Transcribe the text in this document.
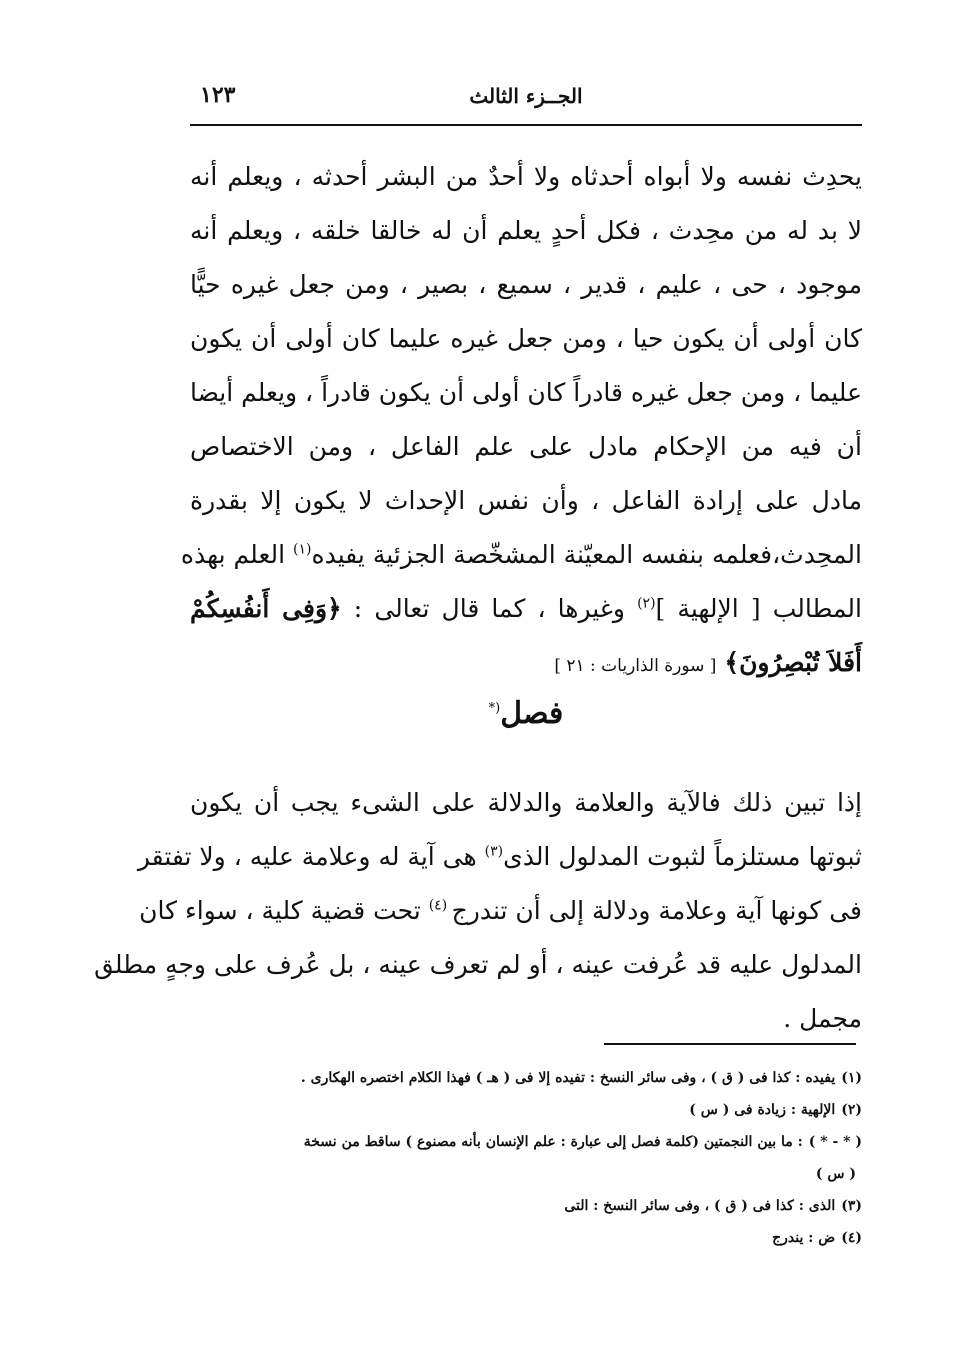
١٢٣	الجــزء الثالث
يحدِث نفسه ولا أبواه أحدثاه ولا أحدٌ من البشر أحدثه ، ويعلم أنه
لا بد له من محِدث ، فكل أحدٍ يعلم أن له خالقا خلقه ، ويعلم أنه
موجود ، حى ، عليم ، قدير ، سميع ، بصير ، ومن جعل غيره حيًّا
كان أولى أن يكون حيا ، ومن جعل غيره عليما كان أولى أن يكون
عليما ، ومن جعل غيره قادراً كان أولى أن يكون قادراً ، ويعلم أيضا
أن فيه من الإحكام مادل على علم الفاعل ، ومن الاختصاص
مادل على إرادة الفاعل ، وأن نفس الإحداث لا يكون إلا بقدرة
المحِدث،فعلمه بنفسه المعيّنة المشخّصة الجزئية يفيده$^{(١)}$ العلم بهذه
المطالب [ الإلهية ]$^{(٢)}$ وغيرها ، كما قال تعالى : ﴿وَفِى أَنفُسِكُمْ
أَفَلاَ تُبْصِرُونَ﴾[ سورة الذاريات : ٢١ ]
فصل(*
إذا تبين ذلك فالآية والعلامة والدلالة على الشىء يجب أن يكون
ثبوتها مستلزماً لثبوت المدلول الذى$^{(٣)}$ هى آية له وعلامة عليه ، ولا تفتقر
فى كونها آية وعلامة ودلالة إلى أن تندرج $^{(٤)}$ تحت قضية كلية ، سواء كان
المدلول عليه قد عُرفت عينه ، أو لم تعرف عينه ، بل عُرف على وجهٍ مطلق
مجمل .
(١)يفيده : كذا فى ( ق ) ، وفى سائر النسخ : تفيده إلا فى ( هـ ) فهذا الكلام اختصره الهكارى .
(٢)الإلهية : زيادة فى ( س )
( * - * ): ما بين النجمتين (كلمة فصل إلى عبارة : علم الإنسان بأنه مصنوع ) ساقط من نسخة
( س )
(٣)الذى : كذا فى ( ق ) ، وفى سائر النسخ : التى
(٤)ض : يندرج
